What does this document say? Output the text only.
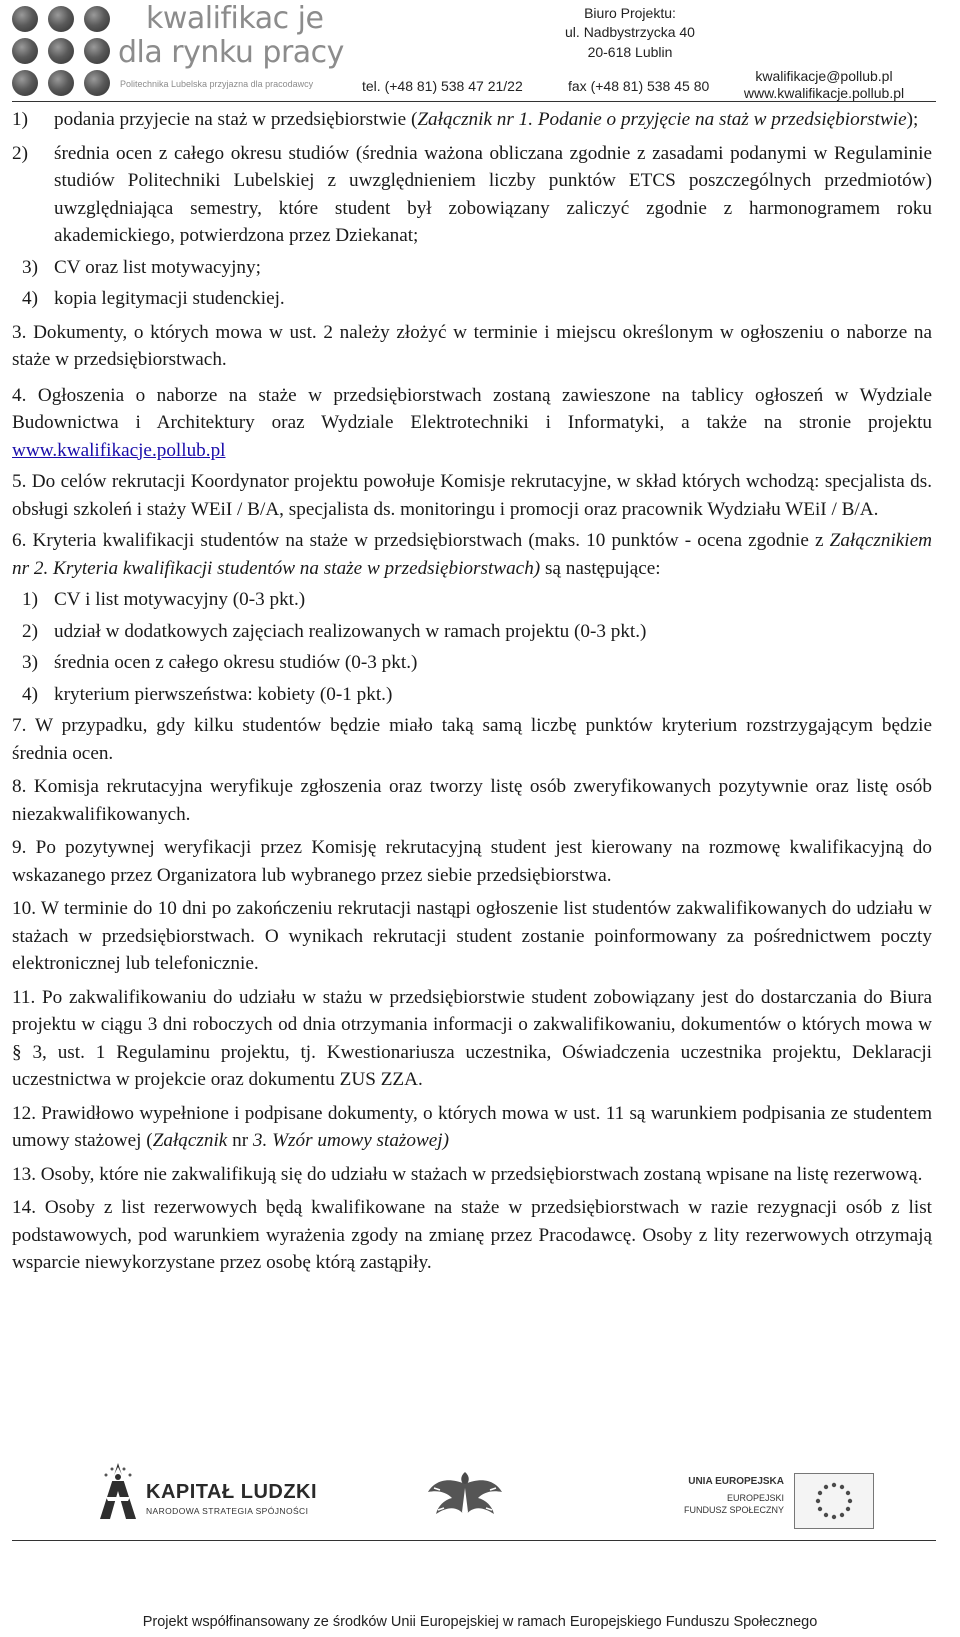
kwalifikac je
dla rynku pracy
Politechnika Lubelska przyjazna dla pracodawcy
Biuro Projektu:
ul. Nadbystrzycka 40
20-618 Lublin
tel. (+48 81) 538 47 21/22	fax (+48 81) 538 45 80
kwalifikacje@pollub.pl
www.kwalifikacje.pollub.pl
1)	podania przyjecie na staż w przedsiębiorstwie (Załącznik nr 1. Podanie o przyjęcie na staż w przedsiębiorstwie);
2)	średnia ocen z całego okresu studiów (średnia ważona obliczana zgodnie z zasadami podanymi w Regulaminie studiów Politechniki Lubelskiej z uwzględnieniem liczby punktów ETCS poszczególnych przedmiotów) uwzględniająca semestry, które student był zobowiązany zaliczyć zgodnie z harmonogramem roku akademickiego, potwierdzona przez Dziekanat;
3) CV oraz list motywacyjny;
4) kopia legitymacji studenckiej.

3. Dokumenty, o których mowa w ust. 2 należy złożyć w terminie i miejscu określonym w ogłoszeniu o naborze na staże w przedsiębiorstwach.

4. Ogłoszenia o naborze na staże w przedsiębiorstwach zostaną zawieszone na tablicy ogłoszeń w Wydziale Budownictwa i Architektury oraz Wydziale Elektrotechniki i Informatyki, a także na stronie projektu www.kwalifikacje.pollub.pl

5. Do celów rekrutacji Koordynator projektu powołuje Komisje rekrutacyjne, w skład których wchodzą: specjalista ds. obsługi szkoleń i staży WEiI / B/A, specjalista ds. monitoringu i promocji oraz pracownik Wydziału WEiI / B/A.

6. Kryteria kwalifikacji studentów na staże w przedsiębiorstwach (maks. 10 punktów - ocena zgodnie z Załącznikiem nr 2. Kryteria kwalifikacji studentów na staże w przedsiębiorstwach) są następujące:

1) CV i list motywacyjny (0-3 pkt.)
2) udział w dodatkowych zajęciach realizowanych w ramach projektu (0-3 pkt.)
3) średnia ocen z całego okresu studiów (0-3 pkt.)
4) kryterium pierwszeństwa: kobiety (0-1 pkt.)

7. W przypadku, gdy kilku studentów będzie miało taką samą liczbę punktów kryterium rozstrzygającym będzie średnia ocen.

8. Komisja rekrutacyjna weryfikuje zgłoszenia oraz tworzy listę osób zweryfikowanych pozytywnie oraz listę osób niezakwalifikowanych.

9. Po pozytywnej weryfikacji przez Komisję rekrutacyjną student jest kierowany na rozmowę kwalifikacyjną do wskazanego przez Organizatora lub wybranego przez siebie przedsiębiorstwa.

10. W terminie do 10 dni po zakończeniu rekrutacji nastąpi ogłoszenie list studentów zakwalifikowanych do udziału w stażach w przedsiębiorstwach. O wynikach rekrutacji student zostanie poinformowany za pośrednictwem poczty elektronicznej lub telefonicznie.

11. Po zakwalifikowaniu do udziału w stażu w przedsiębiorstwie student zobowiązany jest do dostarczania do Biura projektu w ciągu 3 dni roboczych od dnia otrzymania informacji o zakwalifikowaniu, dokumentów o których mowa w § 3, ust. 1 Regulaminu projektu, tj. Kwestionariusza uczestnika, Oświadczenia uczestnika projektu, Deklaracji uczestnictwa w projekcie oraz dokumentu ZUS ZZA.

12. Prawidłowo wypełnione i podpisane dokumenty, o których mowa w ust. 11 są warunkiem podpisania ze studentem umowy stażowej (Załącznik nr 3. Wzór umowy stażowej)

13. Osoby, które nie zakwalifikują się do udziału w stażach w przedsiębiorstwach zostaną wpisane na listę rezerwową.

14. Osoby z list rezerwowych będą kwalifikowane na staże w przedsiębiorstwach w razie rezygnacji osób z list podstawowych, pod warunkiem wyrażenia zgody na zmianę przez Pracodawcę. Osoby z lity rezerwowych otrzymają wsparcie niewykorzystane przez osobę którą zastąpiły.

KAPITAŁ LUDZKI
NARODOWA STRATEGIA SPÓJNOŚCI
UNIA EUROPEJSKA
EUROPEJSKI
FUNDUSZ SPOŁECZNY
Projekt współfinansowany ze środków Unii Europejskiej w ramach Europejskiego Funduszu Społecznego
